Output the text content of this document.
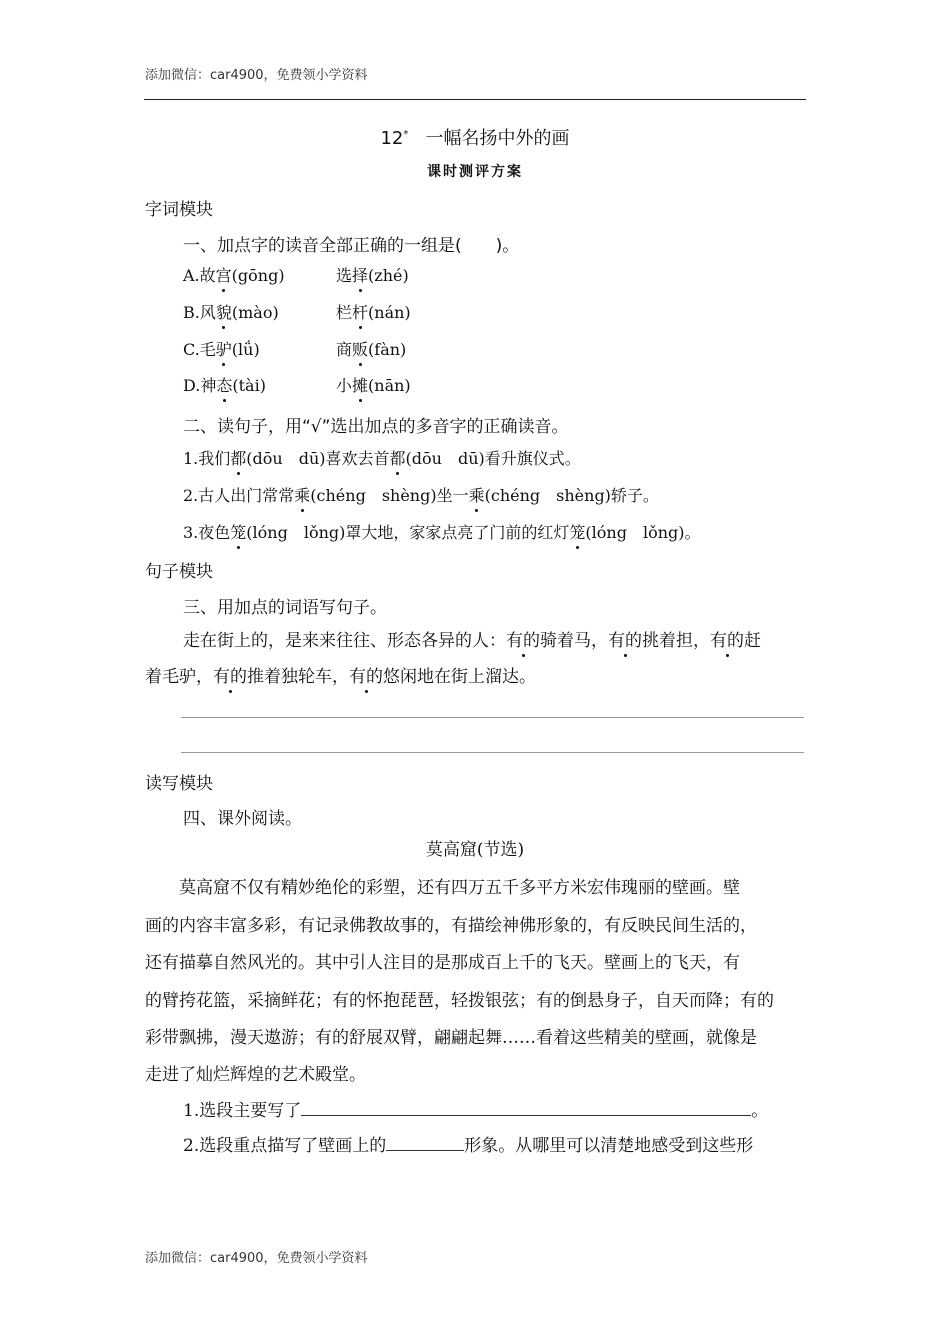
添加微信：car4900，免费领小学资料
12* 一幅名扬中外的画
课时测评方案
字词模块
一、加点字的读音全部正确的一组是(　　)。
A.故宫(gōng)	选择(zhé)
B.风貌(mào)	栏杆(nán)
C.毛驴(lǘ)	商贩(fàn)
D.神态(tài)	小摊(nān)
二、读句子，用“√”选出加点的多音字的正确读音。
1.我们都(dōu　dū)喜欢去首都(dōu　dū)看升旗仪式。
2.古人出门常常乘(chéng　shèng)坐一乘(chéng　shèng)轿子。
3.夜色笼(lóng　lǒng)罩大地，家家点亮了门前的红灯笼(lóng　lǒng)。
句子模块
三、用加点的词语写句子。
走在街上的，是来来往往、形态各异的人：有的骑着马，有的挑着担，有的赶
着毛驴，有的推着独轮车，有的悠闲地在街上溜达。
读写模块
四、课外阅读。
莫高窟(节选)
　　莫高窟不仅有精妙绝伦的彩塑，还有四万五千多平方米宏伟瑰丽的壁画。壁
画的内容丰富多彩，有记录佛教故事的，有描绘神佛形象的，有反映民间生活的，
还有描摹自然风光的。其中引人注目的是那成百上千的飞天。壁画上的飞天，有
的臂挎花篮，采摘鲜花；有的怀抱琵琶，轻拨银弦；有的倒悬身子，自天而降；有的
彩带飘拂，漫天遨游；有的舒展双臂，翩翩起舞……看着这些精美的壁画，就像是
走进了灿烂辉煌的艺术殿堂。
1.选段主要写了	。
2.选段重点描写了壁画上的	形象。从哪里可以清楚地感受到这些形
添加微信：car4900，免费领小学资料
